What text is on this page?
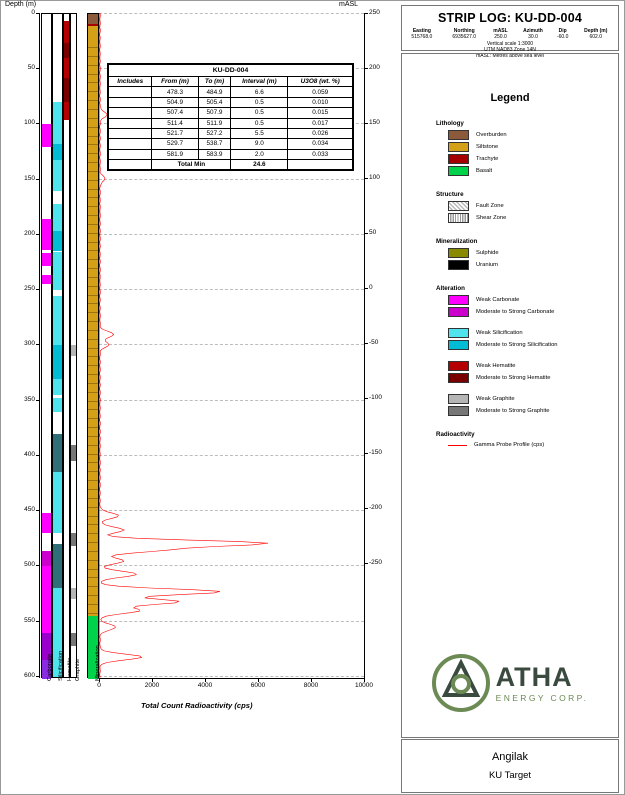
STRIP LOG: KU-DD-004
Easting	Northing	mASL	Azimuth	Dip	Depth (m)
515768.0	6935627.0	250.0	30.0	-60.0	602.0
Vertical scale 1:3000					
UTM NAD83 Zone 14N					
mASL: Metres above sea level					
Legend
Lithology
Overburden
Siltstone
Trachyte
Basalt
Structure
Fault Zone
Shear Zone
Mineralization
Sulphide
Uranium
Alteration
Weak Carbonate
Moderate to Strong Carbonate
Weak Silicification
Moderate to Strong Silicification
Weak Hematite
Moderate to Strong Hematite
Weak Graphite
Moderate to Strong Graphite
Radioactivity
Gamma Probe Profile (cps)
ATHA
ENERGY CORP.
Angilak
KU Target
Depth (m)	mASL
0
50
100
150
200
250
300
350
400
450
500
550
600
250
200
150
100
50
0
-50
-100
-150
-200
-250
Carbonate Silicification Hematite Graphite Mineralization
0	2000	4000	6000	8000	10000
Total Count Radioactivity (cps)
KU-DD-004				
Includes	From (m)	To (m)	Interval (m)	U3O8 (wt. %)
	478.3	484.9	6.6	0.059
	504.9	505.4	0.5	0.010
	507.4	507.9	0.5	0.015
	511.4	511.9	0.5	0.017
	521.7	527.2	5.5	0.026
	529.7	538.7	9.0	0.034
	581.9	583.9	2.0	0.033
	Total Min		24.6	
